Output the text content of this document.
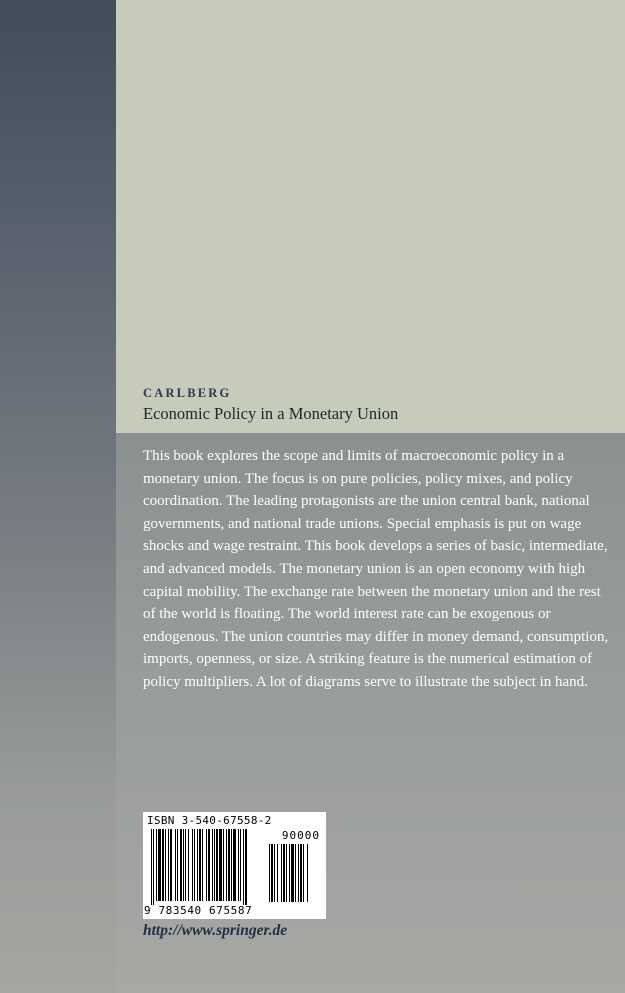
CARLBERG
Economic Policy in a Monetary Union

This book explores the scope and limits of macroeconomic policy in a monetary union. The focus is on pure policies, policy mixes, and policy coordination. The leading protagonists are the union central bank, national governments, and national trade unions. Special emphasis is put on wage shocks and wage restraint. This book develops a series of basic, intermediate, and advanced models. The monetary union is an open economy with high capital mobility. The exchange rate between the monetary union and the rest of the world is floating. The world interest rate can be exogenous or endogenous. The union countries may differ in money demand, consumption, imports, openness, or size. A striking feature is the numerical estimation of policy multipliers. A lot of diagrams serve to illustrate the subject in hand.

ISBN 3-540-67558-2
90000
9 783540 675587
http://www.springer.de
